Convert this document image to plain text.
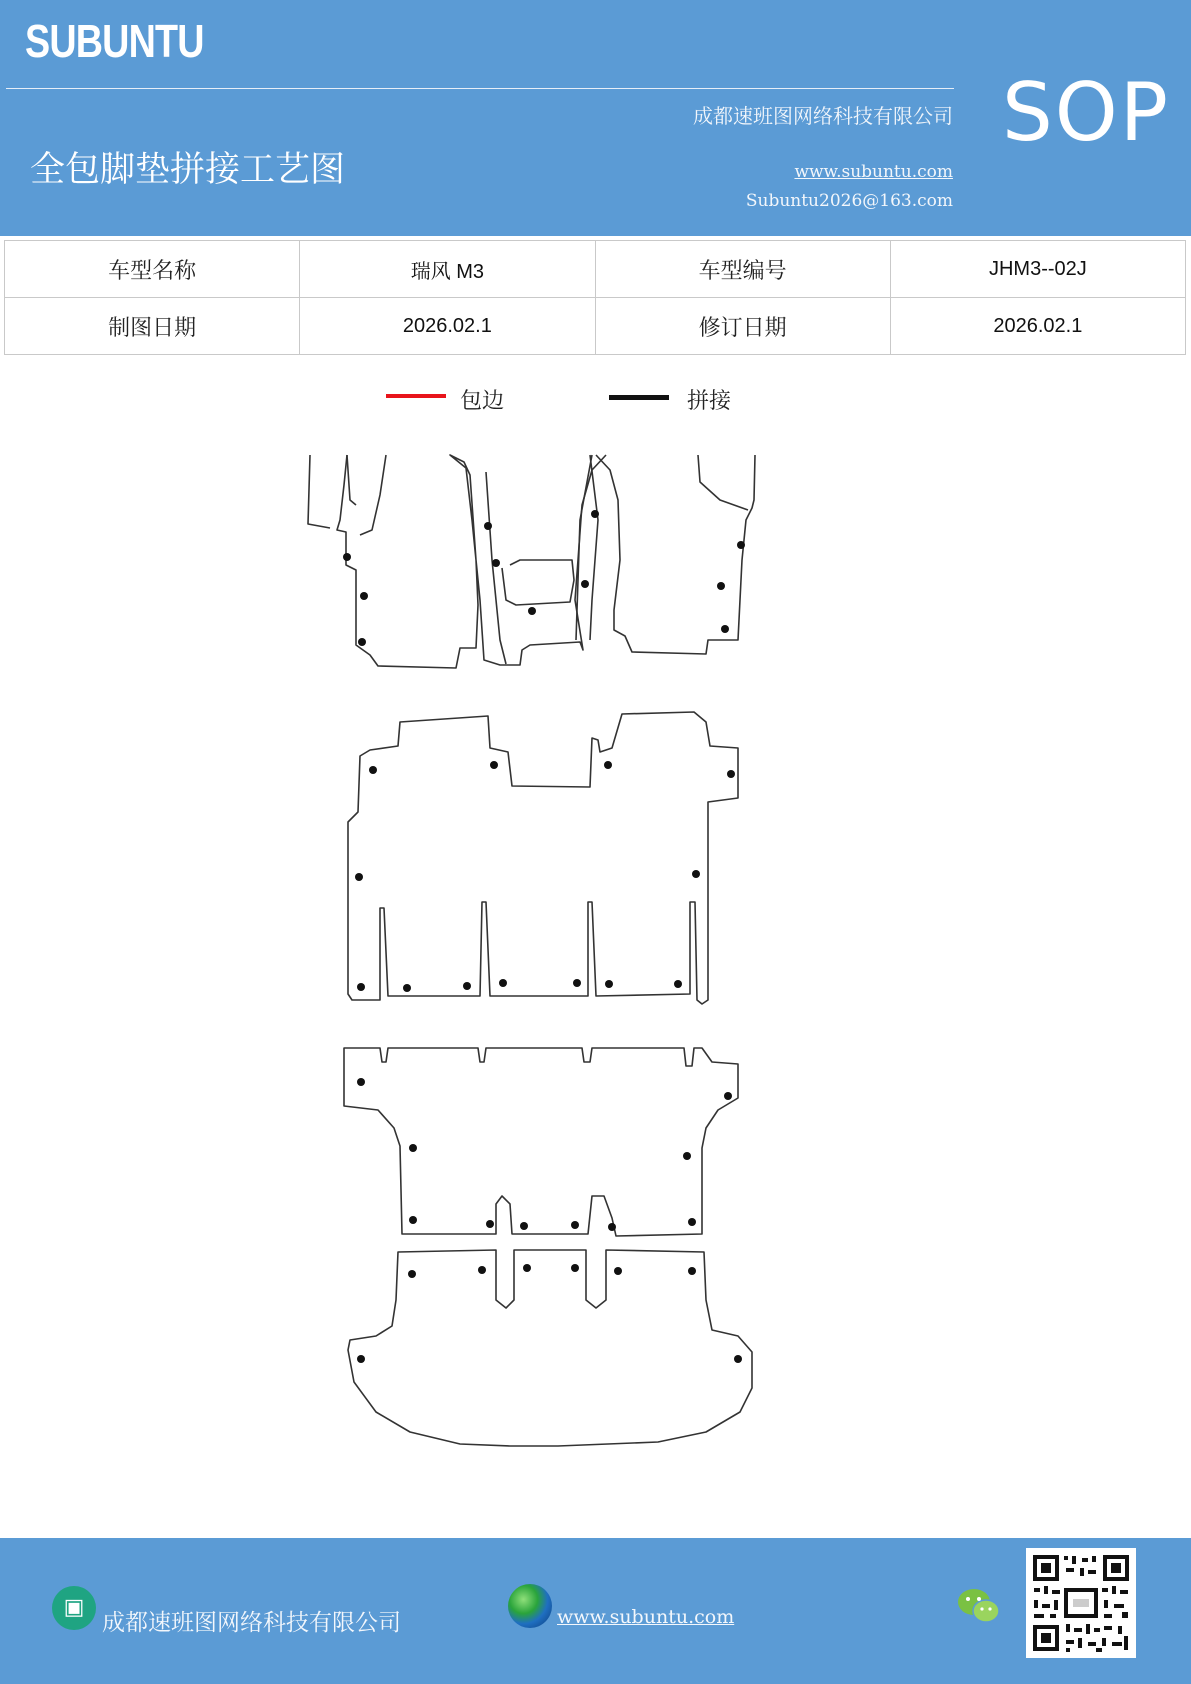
SUBUNTU
成都速班图网络科技有限公司
全包脚垫拼接工艺图	www.subuntu.com
Subuntu2026@163.com
SOP
车型名称	瑞风 M3	车型编号	JHM3--02J
制图日期	2026.02.1	修订日期	2026.02.1
包边	拼接
▣
成都速班图网络科技有限公司	www.subuntu.com
